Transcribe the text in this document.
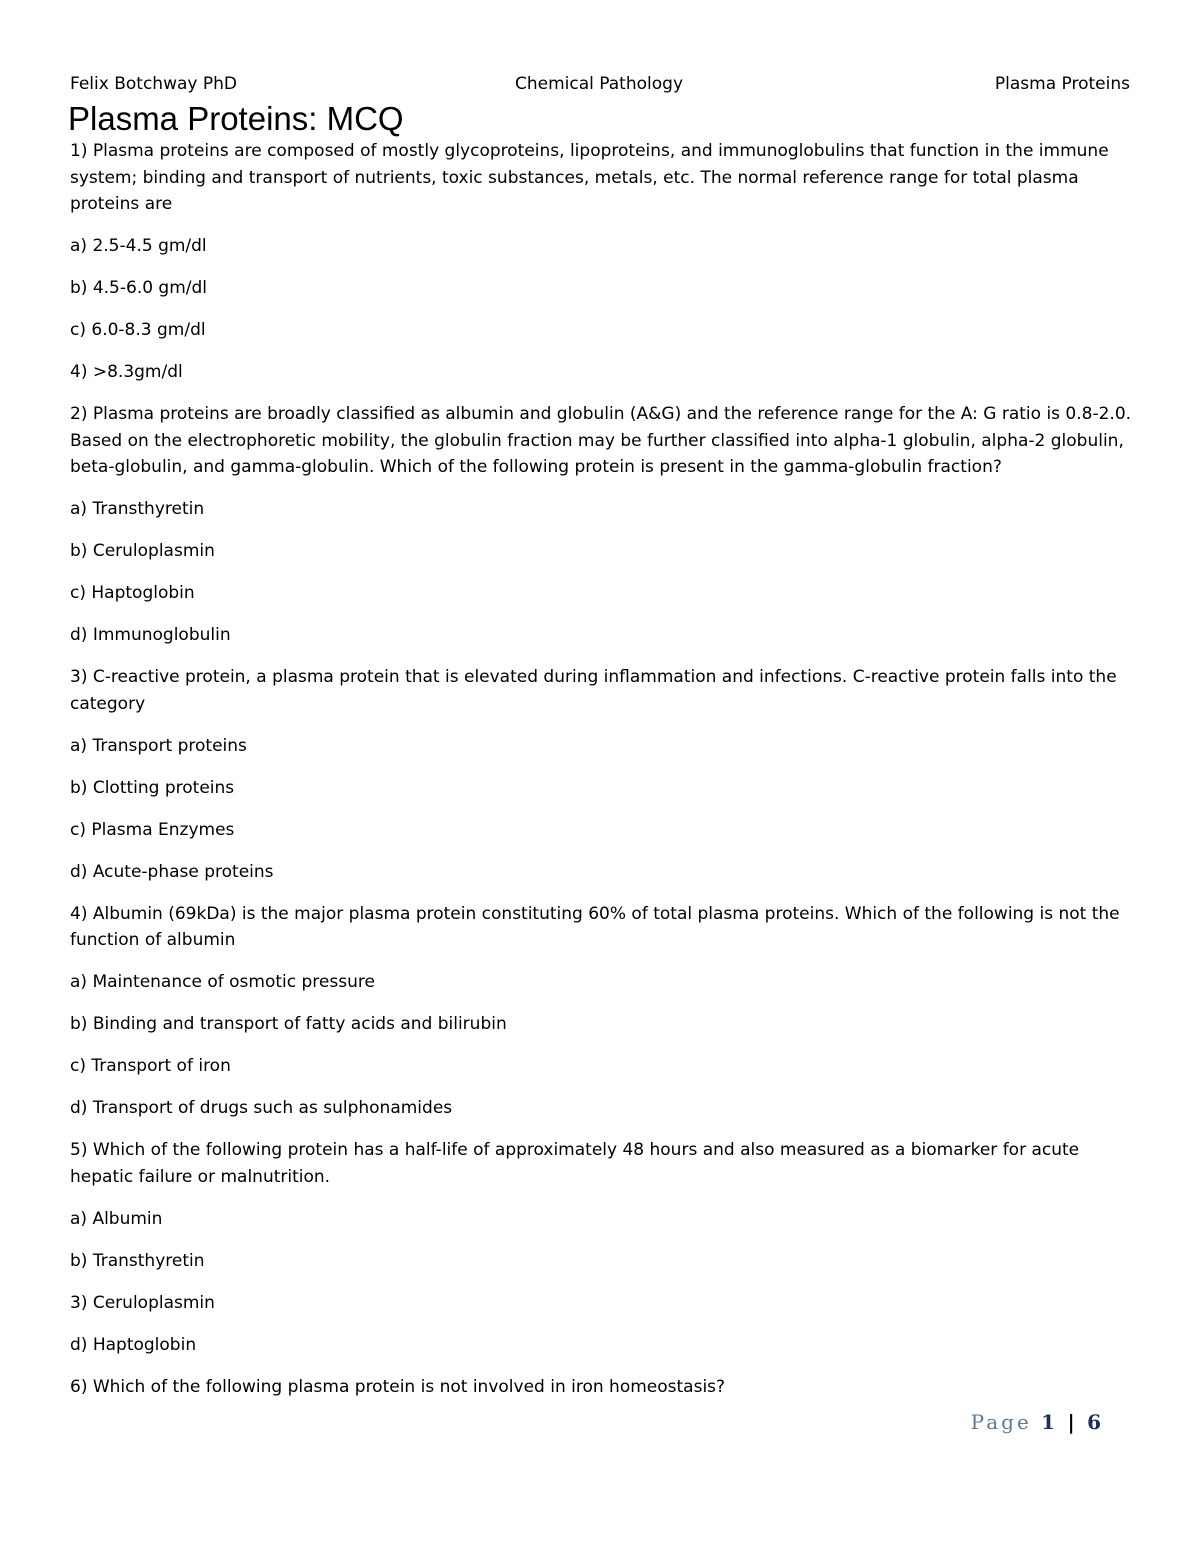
Felix Botchway PhD	Chemical Pathology	Plasma Proteins
Plasma Proteins: MCQ

1) Plasma proteins are composed of mostly glycoproteins, lipoproteins, and immunoglobulins that function in the immune system; binding and transport of nutrients, toxic substances, metals, etc. The normal reference range for total plasma proteins are

a) 2.5-4.5 gm/dl

b) 4.5-6.0 gm/dl

c) 6.0-8.3 gm/dl

4) >8.3gm/dl

2) Plasma proteins are broadly classified as albumin and globulin (A&G) and the reference range for the A: G ratio is 0.8-2.0. Based on the electrophoretic mobility, the globulin fraction may be further classified into alpha-1 globulin, alpha-2 globulin, beta-globulin, and gamma-globulin. Which of the following protein is present in the gamma-globulin fraction?

a) Transthyretin

b) Ceruloplasmin

c) Haptoglobin

d) Immunoglobulin

3) C-reactive protein, a plasma protein that is elevated during inflammation and infections. C-reactive protein falls into the category

a) Transport proteins

b) Clotting proteins

c) Plasma Enzymes

d) Acute-phase proteins

4) Albumin (69kDa) is the major plasma protein constituting 60% of total plasma proteins. Which of the following is not the function of albumin

a) Maintenance of osmotic pressure

b) Binding and transport of fatty acids and bilirubin

c) Transport of iron

d) Transport of drugs such as sulphonamides

5) Which of the following protein has a half-life of approximately 48 hours and also measured as a biomarker for acute hepatic failure or malnutrition.

a) Albumin

b) Transthyretin

3) Ceruloplasmin

d) Haptoglobin

6) Which of the following plasma protein is not involved in iron homeostasis?

Page 1 | 6
